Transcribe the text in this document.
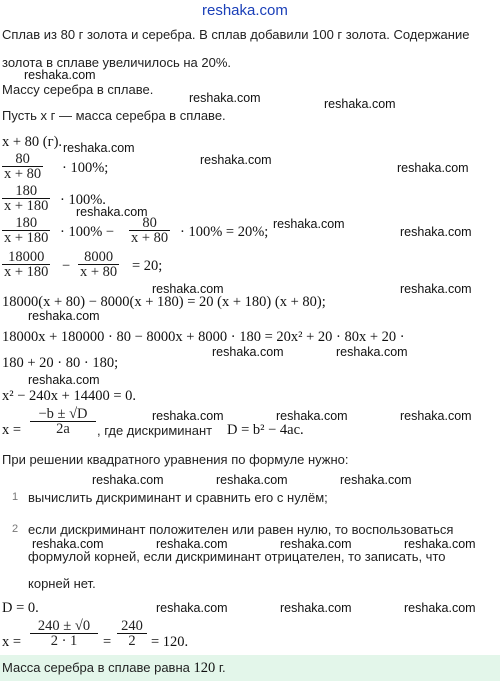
reshaka.com
Сплав из 80 г золота и серебра. В сплав добавили 100 г золота. Содержание
золота в сплаве увеличилось на 20%.
Массу серебра в сплаве.
Пусть x г — масса серебра в сплаве.
x + 80 (г).
$\frac{80}{x + 80} \cdot 100\%$;
$\frac{180}{x + 180} \cdot 100\%$.
$\frac{180}{x + 180} \cdot 100\% - \frac{80}{x + 80} \cdot 100\% = 20\%$;
$\frac{18000}{x + 180} - \frac{8000}{x + 80} = 20$;
18000(x + 80) − 8000(x + 180) = 20 (x + 180) (x + 80);
18000x + 180000 · 80 − 8000x + 8000 · 180 = 20x² + 20 · 80x + 20 ·
180 + 20 · 80 · 180;
x² − 240x + 14400 = 0.
$x = \frac{-b \pm √D}{2a}$ , где дискриминант D = b² − 4ac.
При решении квадратного уравнения по формуле нужно:
1 вычислить дискриминант и сравнить его с нулём;
2 если дискриминант положителен или равен нулю, то воспользоваться
формулой корней, если дискриминант отрицателен, то записать, что
корней нет.
D = 0.
$x = \frac{240 \pm √0}{2 \cdot 1} = \frac{240}{2} = 120$.
Масса серебра в сплаве равна 120 г.
reshaka.com
reshaka.com	reshaka.com
reshaka.com
reshaka.com
reshaka.com
reshaka.com
reshaka.com
reshaka.com
reshaka.com	reshaka.com
reshaka.com
reshaka.com	reshaka.com
reshaka.com
reshaka.com	reshaka.com	reshaka.com
reshaka.com	reshaka.com	reshaka.com
reshaka.com	reshaka.com	reshaka.com	reshaka.com
reshaka.com	reshaka.com	reshaka.com
